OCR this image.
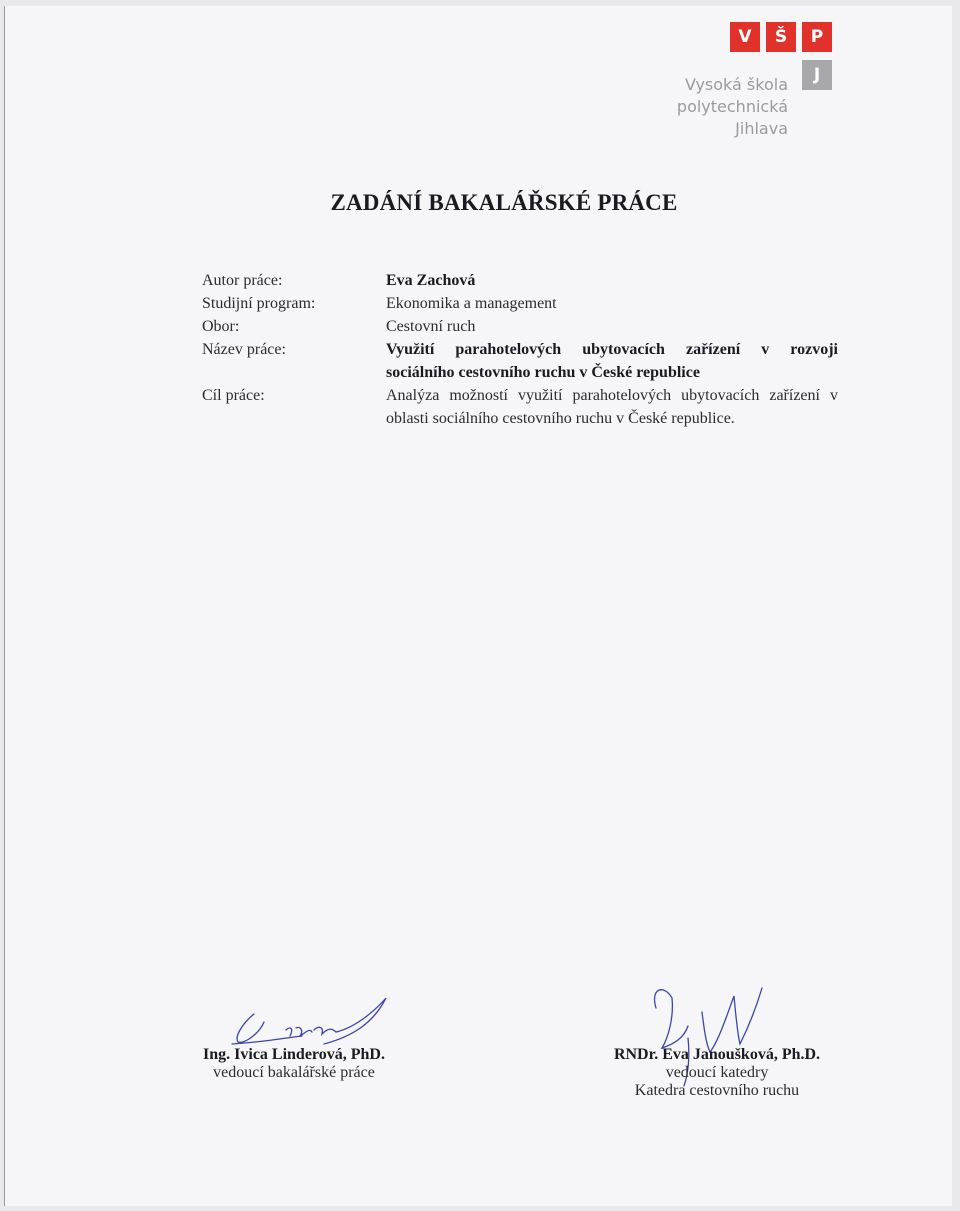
V	Š	P
J
Vysoká škola
polytechnická
Jihlava
ZADÁNÍ BAKALÁŘSKÉ PRÁCE
Autor práce:	Eva Zachová
Studijní program:	Ekonomika a management
Obor:	Cestovní ruch
Název práce:	Využití parahotelových ubytovacích zařízení v rozvoji
sociálního cestovního ruchu v České republice
Cíl práce:	Analýza možností využití parahotelových ubytovacích zařízení v
oblasti sociálního cestovního ruchu v České republice.
Ing. Ivica Linderová, PhD.
vedoucí bakalářské práce
RNDr. Eva Janoušková, Ph.D.
vedoucí katedry
Katedra cestovního ruchu
